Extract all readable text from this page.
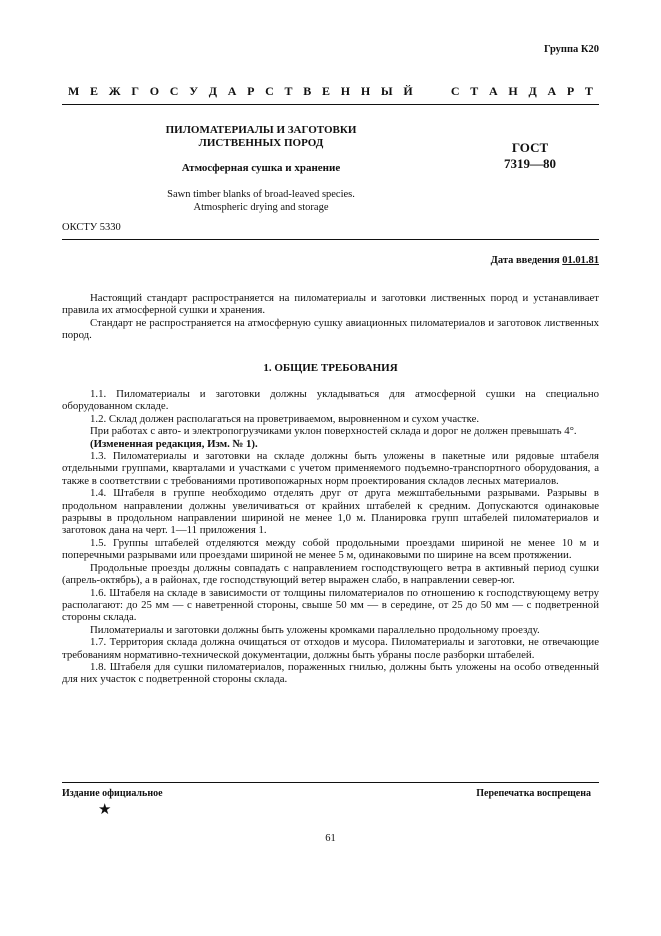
Группа К20
М Е Ж Г О С У Д А Р С Т В Е Н Н Ы Й

	С Т А Н Д А Р Т
ПИЛОМАТЕРИАЛЫ И ЗАГОТОВКИ
ЛИСТВЕННЫХ ПОРОД
Атмосферная сушка и хранение
Sawn timber blanks of broad-leaved species.
Atmospheric drying and storage
ГОСТ
7319—80
ОКСТУ 5330
Дата введения 01.01.81

Настоящий стандарт распространяется на пиломатериалы и заготовки лиственных пород и устанавливает правила их атмосферной сушки и хранения.

Стандарт не распространяется на атмосферную сушку авиационных пиломатериалов и заготовок лиственных пород.

1. ОБЩИЕ ТРЕБОВАНИЯ

1.1. Пиломатериалы и заготовки должны укладываться для атмосферной сушки на специально оборудованном складе.

1.2. Склад должен располагаться на проветриваемом, выровненном и сухом участке.

При работах с авто- и электропогрузчиками уклон поверхностей склада и дорог не должен превышать 4°.

(Измененная редакция, Изм. № 1).

1.3. Пиломатериалы и заготовки на складе должны быть уложены в пакетные или рядовые штабеля отдельными группами, кварталами и участками с учетом применяемого подъемно-транспортного оборудования, а также в соответствии с требованиями противопожарных норм проектирования складов лесных материалов.

1.4. Штабеля в группе необходимо отделять друг от друга межштабельными разрывами. Разрывы в продольном направлении должны увеличиваться от крайних штабелей к средним. Допускаются одинаковые разрывы в продольном направлении шириной не менее 1,0 м. Планировка групп штабелей пиломатериалов и заготовок дана на черт. 1—11 приложения 1.

1.5. Группы штабелей отделяются между собой продольными проездами шириной не менее 10 м и поперечными разрывами или проездами шириной не менее 5 м, одинаковыми по ширине на всем протяжении.

Продольные проезды должны совпадать с направлением господствующего ветра в активный период сушки (апрель-октябрь), а в районах, где господствующий ветер выражен слабо, в направлении север-юг.

1.6. Штабеля на складе в зависимости от толщины пиломатериалов по отношению к господствующему ветру располагают: до 25 мм — с наветренной стороны, свыше 50 мм — в середине, от 25 до 50 мм — с подветренной стороны склада.

Пиломатериалы и заготовки должны быть уложены кромками параллельно продольному проезду.

1.7. Территория склада должна очищаться от отходов и мусора. Пиломатериалы и заготовки, не отвечающие требованиям нормативно-технической документации, должны быть убраны после разборки штабелей.

1.8. Штабеля для сушки пиломатериалов, пораженных гнилью, должны быть уложены на особо отведенный для них участок с подветренной стороны склада.

Издание официальное	Перепечатка воспрещена
★
61
